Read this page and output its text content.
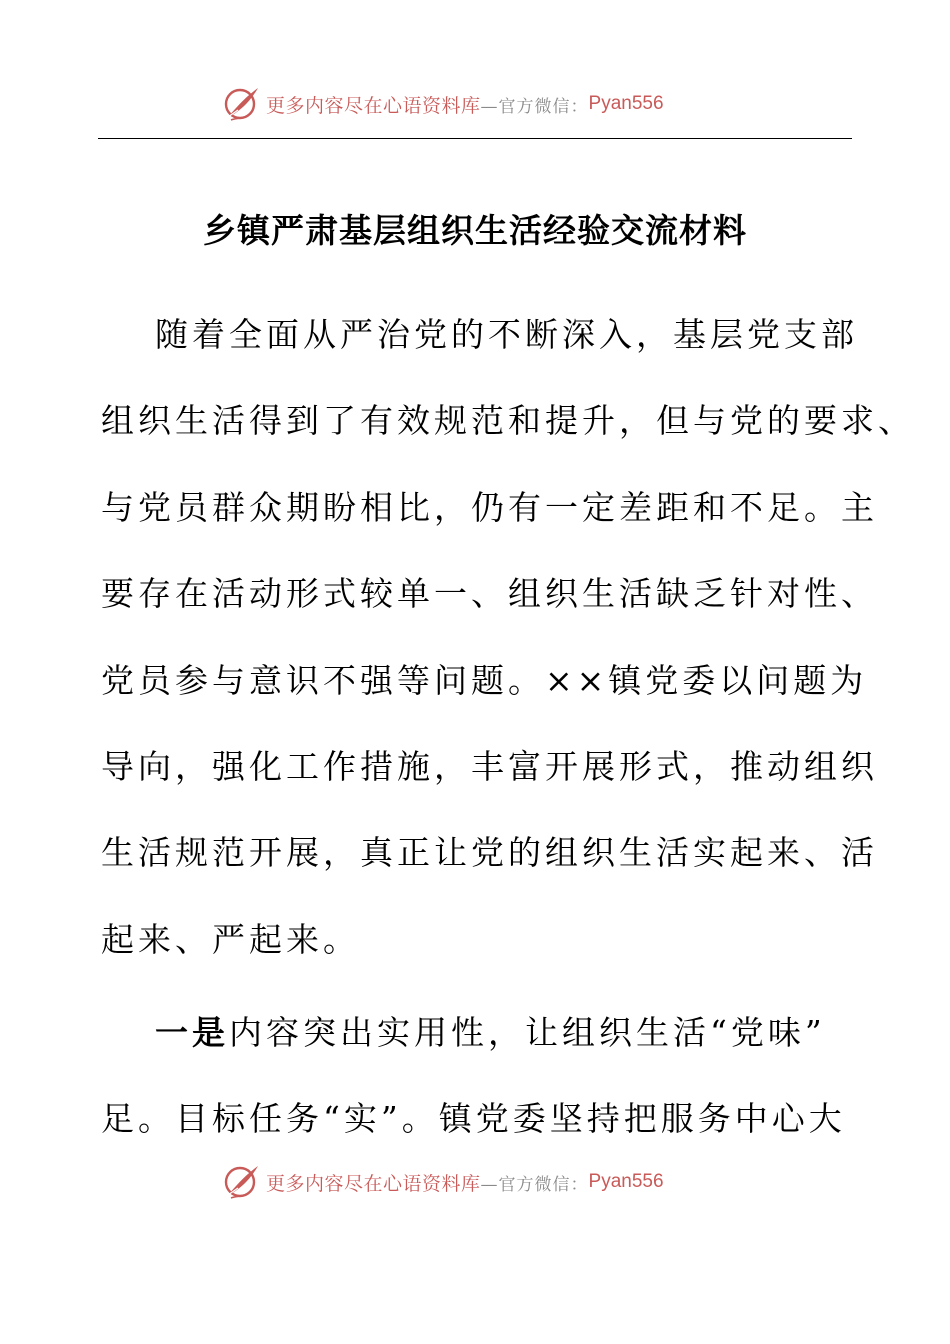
更多内容尽在心语资料库 —官方微信： Pyan556
乡镇严肃基层组织生活经验交流材料

随着全面从严治党的不断深入，基层党支部
组织生活得到了有效规范和提升，但与党的要求、
与党员群众期盼相比，仍有一定差距和不足。主
要存在活动形式较单一、组织生活缺乏针对性、
党员参与意识不强等问题。××镇党委以问题为
导向，强化工作措施，丰富开展形式，推动组织
生活规范开展，真正让党的组织生活实起来、活
起来、严起来。

一是内容突出实用性，让组织生活“党味”
足。目标任务“实”。镇党委坚持把服务中心大

更多内容尽在心语资料库 —官方微信： Pyan556
